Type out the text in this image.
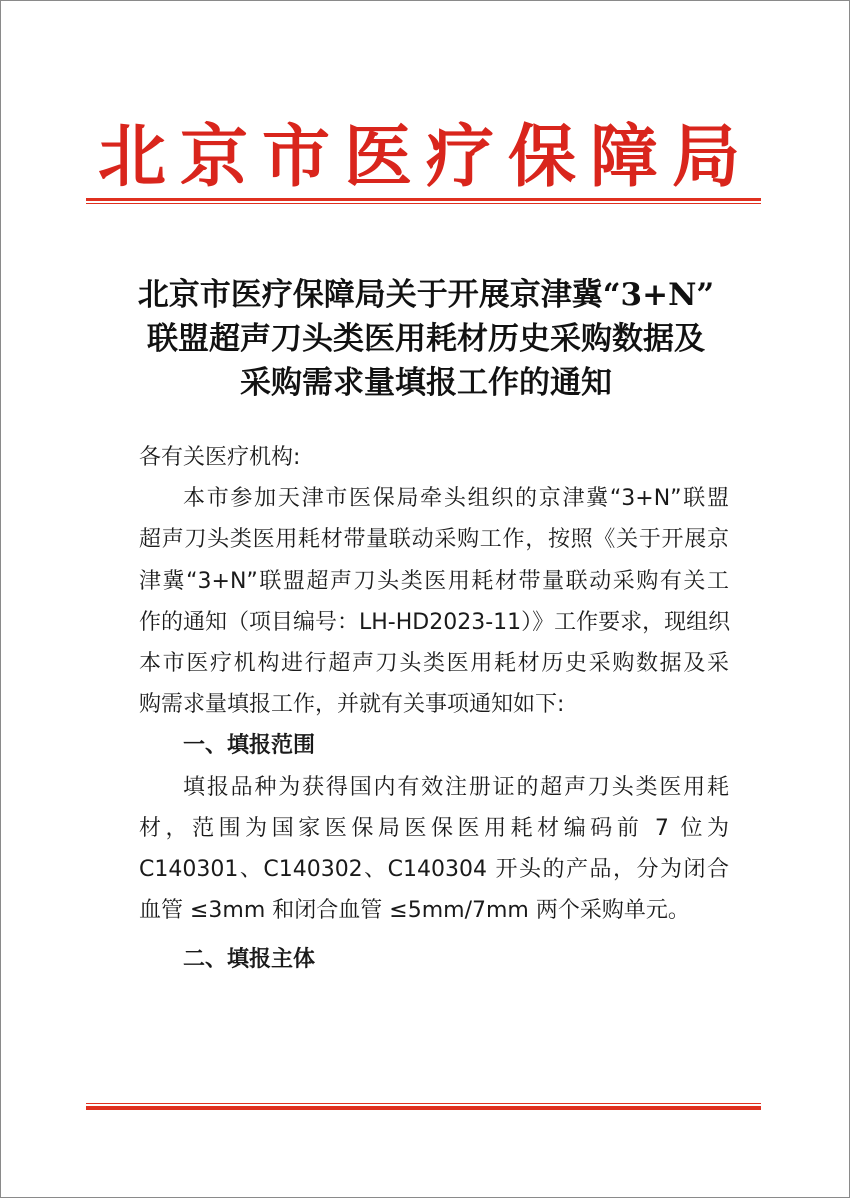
北京市医疗保障局
北京市医疗保障局关于开展京津冀“3+N”
联盟超声刀头类医用耗材历史采购数据及
采购需求量填报工作的通知

各有关医疗机构:

本市参加天津市医保局牵头组织的京津冀“3+N”联盟
超声刀头类医用耗材带量联动采购工作，按照《关于开展京
津冀“3+N”联盟超声刀头类医用耗材带量联动采购有关工
作的通知（项目编号：LH-HD2023-11）》工作要求，现组织
本市医疗机构进行超声刀头类医用耗材历史采购数据及采
购需求量填报工作，并就有关事项通知如下:

一、填报范围

填报品种为获得国内有效注册证的超声刀头类医用耗
材，范围为国家医保局医保医用耗材编码前 7 位为
C140301、C140302、C140304 开头的产品，分为闭合
血管 ≤3mm 和闭合血管 ≤5mm/7mm 两个采购单元。

二、填报主体
